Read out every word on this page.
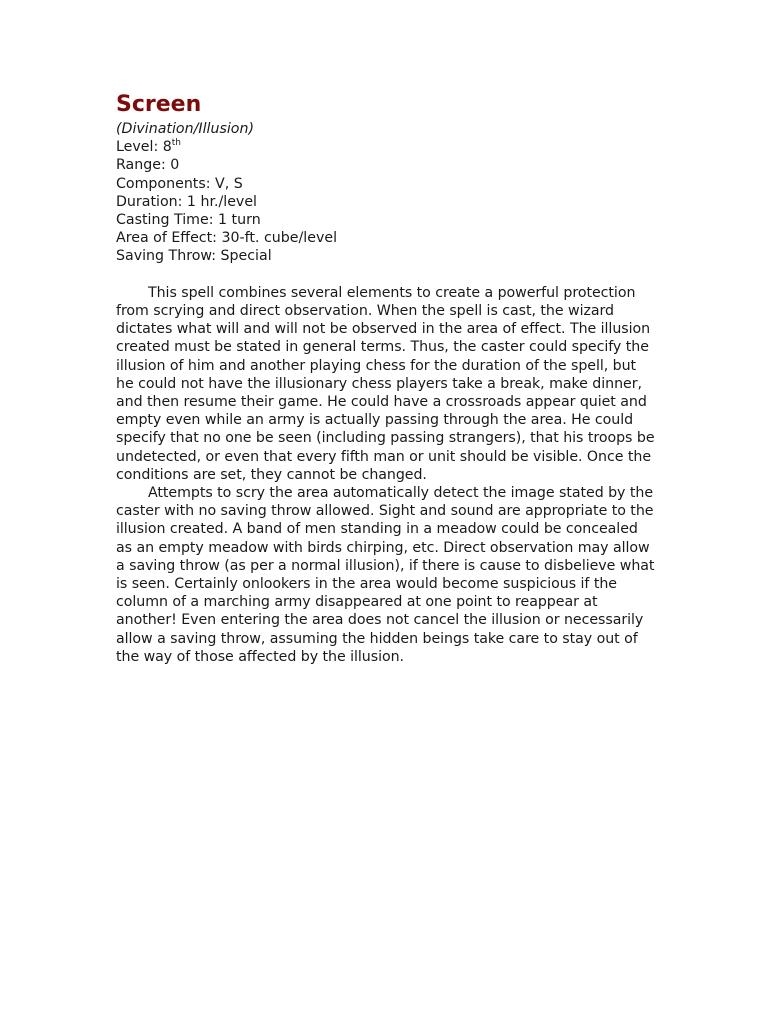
Screen
(Divination/Illusion)
Level: 8th
Range: 0
Components: V, S
Duration: 1 hr./level
Casting Time: 1 turn
Area of Effect: 30-ft. cube/level
Saving Throw: Special

This spell combines several elements to create a powerful protection from scrying and direct observation. When the spell is cast, the wizard dictates what will and will not be observed in the area of effect. The illusion created must be stated in general terms. Thus, the caster could specify the illusion of him and another playing chess for the duration of the spell, but he could not have the illusionary chess players take a break, make dinner, and then resume their game. He could have a crossroads appear quiet and empty even while an army is actually passing through the area. He could specify that no one be seen (including passing strangers), that his troops be undetected, or even that every fifth man or unit should be visible. Once the conditions are set, they cannot be changed.

Attempts to scry the area automatically detect the image stated by the caster with no saving throw allowed. Sight and sound are appropriate to the illusion created. A band of men standing in a meadow could be concealed as an empty meadow with birds chirping, etc. Direct observation may allow a saving throw (as per a normal illusion), if there is cause to disbelieve what is seen. Certainly onlookers in the area would become suspicious if the column of a marching army disappeared at one point to reappear at another! Even entering the area does not cancel the illusion or necessarily allow a saving throw, assuming the hidden beings take care to stay out of the way of those affected by the illusion.
